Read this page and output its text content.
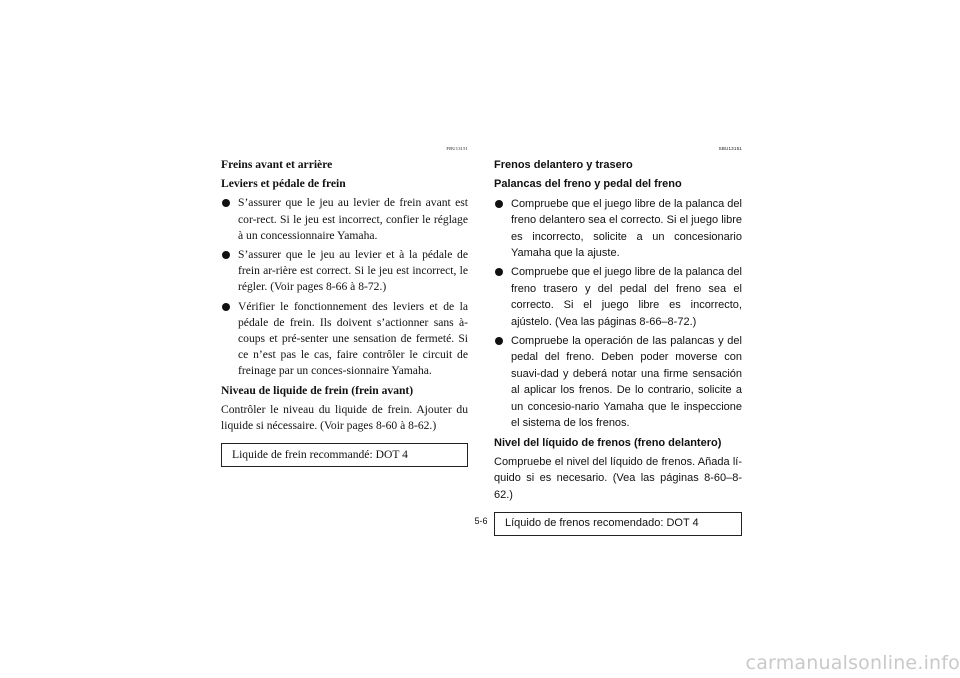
FBU13151
Freins avant et arrière
Leviers et pédale de frein
S’assurer que le jeu au levier de frein avant est cor-rect. Si le jeu est incorrect, confier le réglage à un concessionnaire Yamaha.
S’assurer que le jeu au levier et à la pédale de frein ar-rière est correct. Si le jeu est incorrect, le régler. (Voir pages 8-66 à 8-72.)
Vérifier le fonctionnement des leviers et de la pédale de frein. Ils doivent s’actionner sans à-coups et pré-senter une sensation de fermeté. Si ce n’est pas le cas, faire contrôler le circuit de freinage par un conces-sionnaire Yamaha.
Niveau de liquide de frein (frein avant)

Contrôler le niveau du liquide de frein. Ajouter du liquide si nécessaire. (Voir pages 8-60 à 8-62.)

Liquide de frein recommandé: DOT 4
SBU13151
Frenos delantero y trasero
Palancas del freno y pedal del freno
Compruebe que el juego libre de la palanca del freno delantero sea el correcto. Si el juego libre es incorrecto, solicite a un concesionario Yamaha que la ajuste.
Compruebe que el juego libre de la palanca del freno trasero y del pedal del freno sea el correcto. Si el juego libre es incorrecto, ajústelo. (Vea las páginas 8-66–8-72.)
Compruebe la operación de las palancas y del pedal del freno. Deben poder moverse con suavi-dad y deberá notar una firme sensación al aplicar los frenos. De lo contrario, solicite a un concesio-nario Yamaha que le inspeccione el sistema de los frenos.
Nivel del líquido de frenos (freno delantero)

Compruebe el nivel del líquido de frenos. Añada lí-quido si es necesario. (Vea las páginas 8-60–8-62.)

Líquido de frenos recomendado: DOT 4
5-6
carmanualsonline.info
